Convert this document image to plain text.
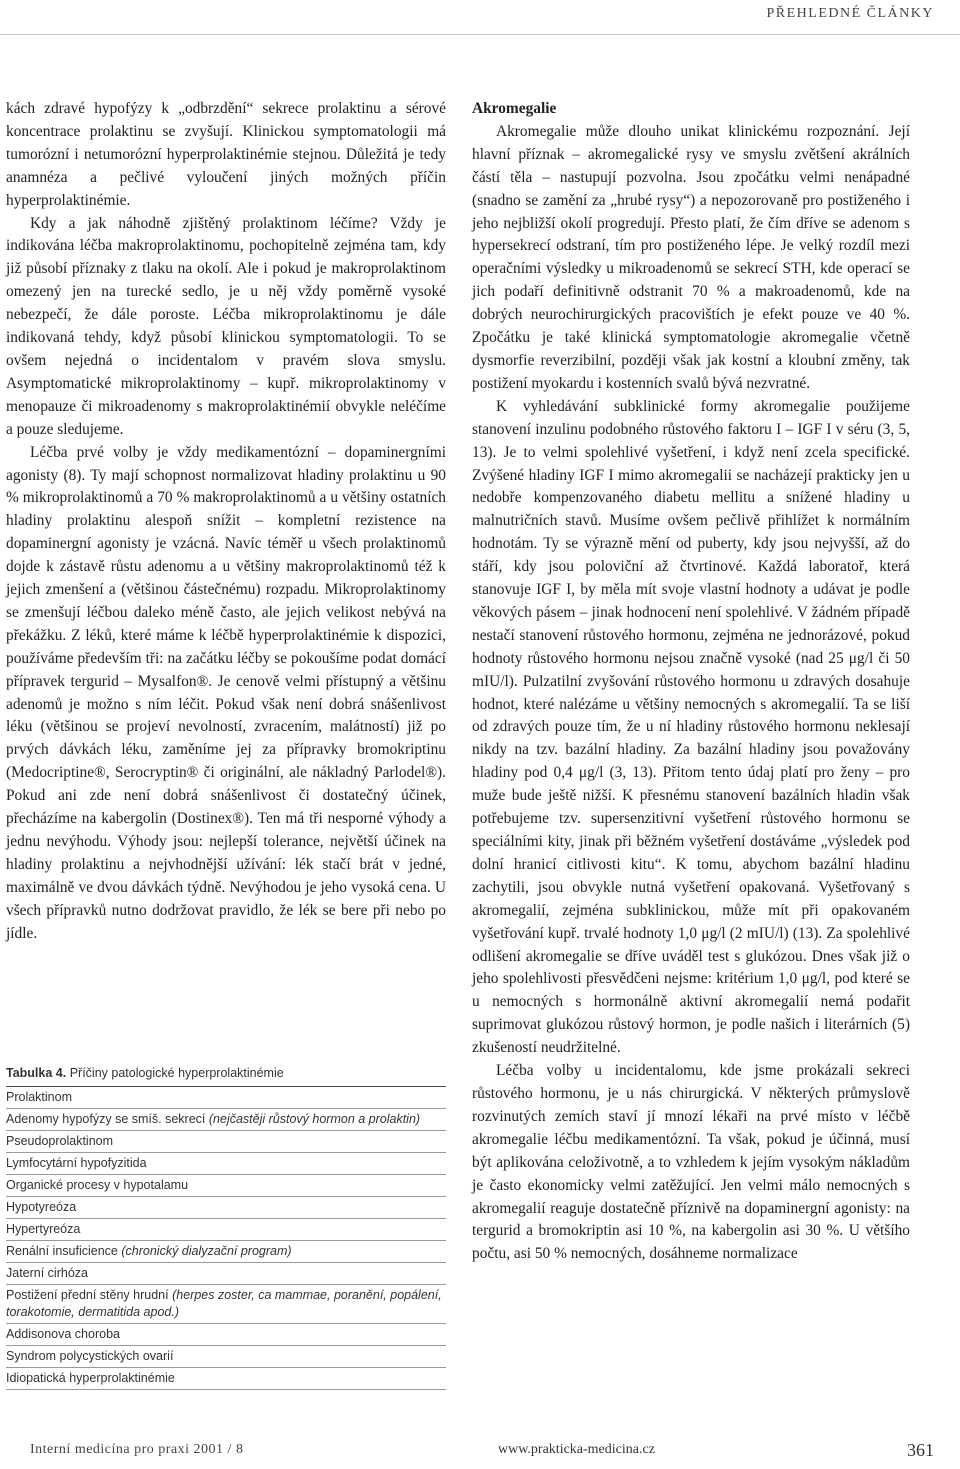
PŘEHLEDNÉ ČLÁNKY

kách zdravé hypofýzy k „odbrzdění“ sekrece prolaktinu a sérové koncentrace prolaktinu se zvyšují. Klinickou symptomatologii má tumorózní i netumorózní hyperprolaktinémie stejnou. Důležitá je tedy anamnéza a pečlivé vyloučení jiných možných příčin hyperprolaktinémie.

Kdy a jak náhodně zjištěný prolaktinom léčíme? Vždy je indikována léčba makroprolaktinomu, pochopitelně zejména tam, kdy již působí příznaky z tlaku na okolí. Ale i pokud je makroprolaktinom omezený jen na turecké sedlo, je u něj vždy poměrně vysoké nebezpečí, že dále poroste. Léčba mikroprolaktinomu je dále indikovaná tehdy, když působí klinickou symptomatologii. To se ovšem nejedná o incidentalom v pravém slova smyslu. Asymptomatické mikroprolaktinomy – kupř. mikroprolaktinomy v menopauze či mikroadenomy s makroprolaktinémií obvykle neléčíme a pouze sledujeme.

Léčba prvé volby je vždy medikamentózní – dopaminergními agonisty (8). Ty mají schopnost normalizovat hladiny prolaktinu u 90 % mikroprolaktinomů a 70 % makroprolaktinomů a u většiny ostatních hladiny prolaktinu alespoň snížit – kompletní rezistence na dopaminergní agonisty je vzácná. Navíc téměř u všech prolaktinomů dojde k zástavě růstu adenomu a u většiny makroprolaktinomů též k jejich zmenšení a (většinou částečnému) rozpadu. Mikroprolaktinomy se zmenšují léčbou daleko méně často, ale jejich velikost nebývá na překážku. Z léků, které máme k léčbě hyperprolaktinémie k dispozici, používáme především tři: na začátku léčby se pokoušíme podat domácí přípravek tergurid – Mysalfon®. Je cenově velmi přístupný a většinu adenomů je možno s ním léčit. Pokud však není dobrá snášenlivost léku (většinou se projeví nevolností, zvracením, malátností) již po prvých dávkách léku, zaměníme jej za přípravky bromokriptinu (Medocriptine®, Serocryptin® či originální, ale nákladný Parlodel®). Pokud ani zde není dobrá snášenlivost či dostatečný účinek, přecházíme na kabergolin (Dostinex®). Ten má tři nesporné výhody a jednu nevýhodu. Výhody jsou: nejlepší tolerance, největší účinek na hladiny prolaktinu a nejvhodnější užívání: lék stačí brát v jedné, maximálně ve dvou dávkách týdně. Nevýhodou je jeho vysoká cena. U všech přípravků nutno dodržovat pravidlo, že lék se bere při nebo po jídle.

Tabulka 4. Příčiny patologické hyperprolaktinémie
Prolaktinom
Adenomy hypofýzy se smíš. sekrecí (nejčastěji růstový hormon a prolaktin)
Pseudoprolaktinom
Lymfocytární hypofyzitida
Organické procesy v hypotalamu
Hypotyreóza
Hypertyreóza
Renální insuficience (chronický dialyzační program)
Jaterní cirhóza
Postižení přední stěny hrudní (herpes zoster, ca mammae, poranění, popálení, torakotomie, dermatitida apod.)
Addisonova choroba
Syndrom polycystických ovarií
Idiopatická hyperprolaktinémie
Akromegalie

Akromegalie může dlouho unikat klinickému rozpoznání. Její hlavní příznak – akromegalické rysy ve smyslu zvětšení akrálních částí těla – nastupují pozvolna. Jsou zpočátku velmi nenápadné (snadno se zamění za „hrubé rysy“) a nepozorovaně pro postiženého i jeho nejbližší okolí progredují. Přesto platí, že čím dříve se adenom s hypersekrecí odstraní, tím pro postiženého lépe. Je velký rozdíl mezi operačními výsledky u mikroadenomů se sekrecí STH, kde operací se jich podaří definitivně odstranit 70 % a makroadenomů, kde na dobrých neurochirurgických pracovištích je efekt pouze ve 40 %. Zpočátku je také klinická symptomatologie akromegalie včetně dysmorfie reverzibilní, později však jak kostní a kloubní změny, tak postižení myokardu i kostenních svalů bývá nezvratné.

K vyhledávání subklinické formy akromegalie použijeme stanovení inzulinu podobného růstového faktoru I – IGF I v séru (3, 5, 13). Je to velmi spolehlivé vyšetření, i když není zcela specifické. Zvýšené hladiny IGF I mimo akromegalii se nacházejí prakticky jen u nedobře kompenzovaného diabetu mellitu a snížené hladiny u malnutričních stavů. Musíme ovšem pečlivě přihlížet k normálním hodnotám. Ty se výrazně mění od puberty, kdy jsou nejvyšší, až do stáří, kdy jsou poloviční až čtvrtinové. Každá laboratoř, která stanovuje IGF I, by měla mít svoje vlastní hodnoty a udávat je podle věkových pásem – jinak hodnocení není spolehlivé. V žádném případě nestačí stanovení růstového hormonu, zejména ne jednorázové, pokud hodnoty růstového hormonu nejsou značně vysoké (nad 25 μg/l či 50 mIU/l). Pulzatilní zvyšování růstového hormonu u zdravých dosahuje hodnot, které nalézáme u většiny nemocných s akromegalií. Ta se liší od zdravých pouze tím, že u ní hladiny růstového hormonu neklesají nikdy na tzv. bazální hladiny. Za bazální hladiny jsou považovány hladiny pod 0,4 μg/l (3, 13). Přitom tento údaj platí pro ženy – pro muže bude ještě nižší. K přesnému stanovení bazálních hladin však potřebujeme tzv. supersenzitivní vyšetření růstového hormonu se speciálními kity, jinak při běžném vyšetření dostáváme „výsledek pod dolní hranicí citlivosti kitu“. K tomu, abychom bazální hladinu zachytili, jsou obvykle nutná vyšetření opakovaná. Vyšetřovaný s akromegalií, zejména subklinickou, může mít při opakovaném vyšetřování kupř. trvalé hodnoty 1,0 μg/l (2 mIU/l) (13). Za spolehlivé odlišení akromegalie se dříve uváděl test s glukózou. Dnes však již o jeho spolehlivosti přesvědčeni nejsme: kritérium 1,0 μg/l, pod které se u nemocných s hormonálně aktivní akromegalií nemá podařit suprimovat glukózou růstový hormon, je podle našich i literárních (5) zkušeností neudržitelné.

Léčba volby u incidentalomu, kde jsme prokázali sekreci růstového hormonu, je u nás chirurgická. V některých průmyslově rozvinutých zemích staví jí mnozí lékaři na prvé místo v léčbě akromegalie léčbu medikamentózní. Ta však, pokud je účinná, musí být aplikována celoživotně, a to vzhledem k jejím vysokým nákladům je často ekonomicky velmi zatěžující. Jen velmi málo nemocných s akromegalií reaguje dostatečně příznivě na dopaminergní agonisty: na tergurid a bromokriptin asi 10 %, na kabergolin asi 30 %. U většího počtu, asi 50 % nemocných, dosáhneme normalizace

Interní medicína pro praxi 2001 / 8	www.prakticka-medicina.cz	361
